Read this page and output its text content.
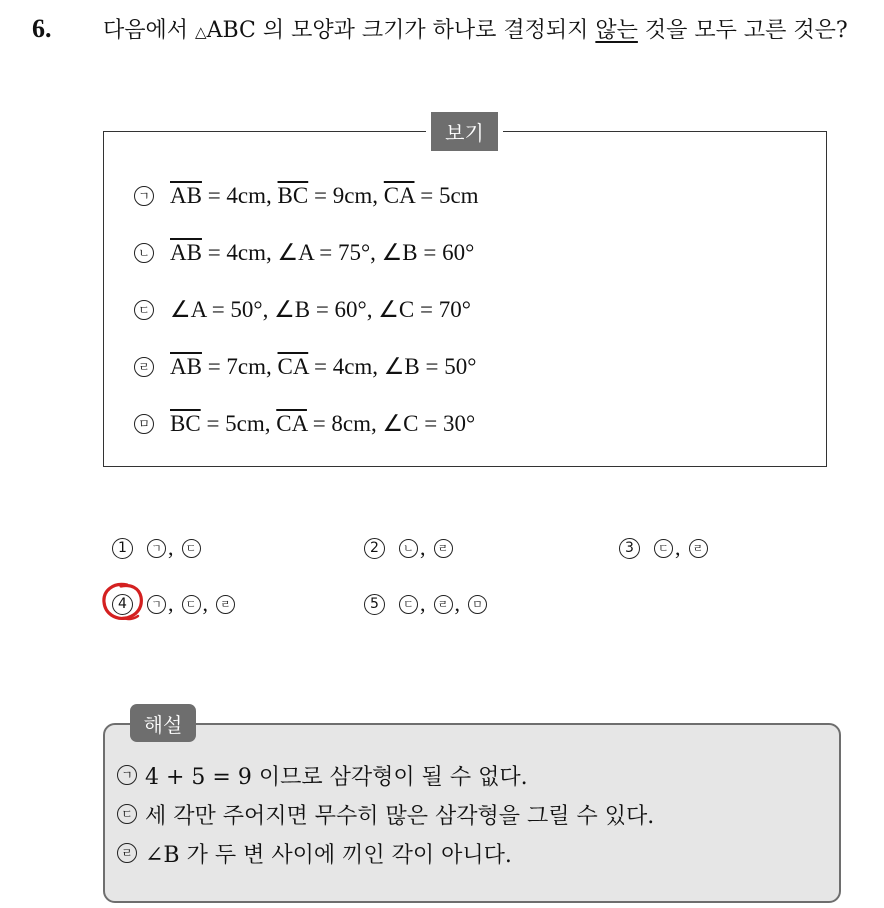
6. 다음에서 △ABC 의 모양과 크기가 하나로 결정되지 않는 것을 모두 고른 것은?
보기
ㄱ $\overline{AB} = 4cm$, $\overline{BC} = 9cm$, $\overline{CA} = 5cm$
ㄴ $\overline{AB} = 4cm$, ∠A = 75°, ∠B = 60°
ㄷ ∠A = 50°, ∠B = 60°, ∠C = 70°
ㄹ $\overline{AB} = 7cm$, $\overline{CA} = 4cm$, ∠B = 50°
ㅁ $\overline{BC} = 5cm$, $\overline{CA} = 8cm$, ∠C = 30°
1	ㄱ ,	ㄷ	2	ㄴ ,	ㄹ	3	ㄷ ,	ㄹ
4	ㄱ ,	ㄷ ,	ㄹ	5	ㄷ ,	ㄹ ,	ㅁ
해설
ㄱ 4 + 5 = 9 이므로 삼각형이 될 수 없다.
ㄷ 세 각만 주어지면 무수히 많은 삼각형을 그릴 수 있다.
ㄹ ∠B 가 두 변 사이에 끼인 각이 아니다.
